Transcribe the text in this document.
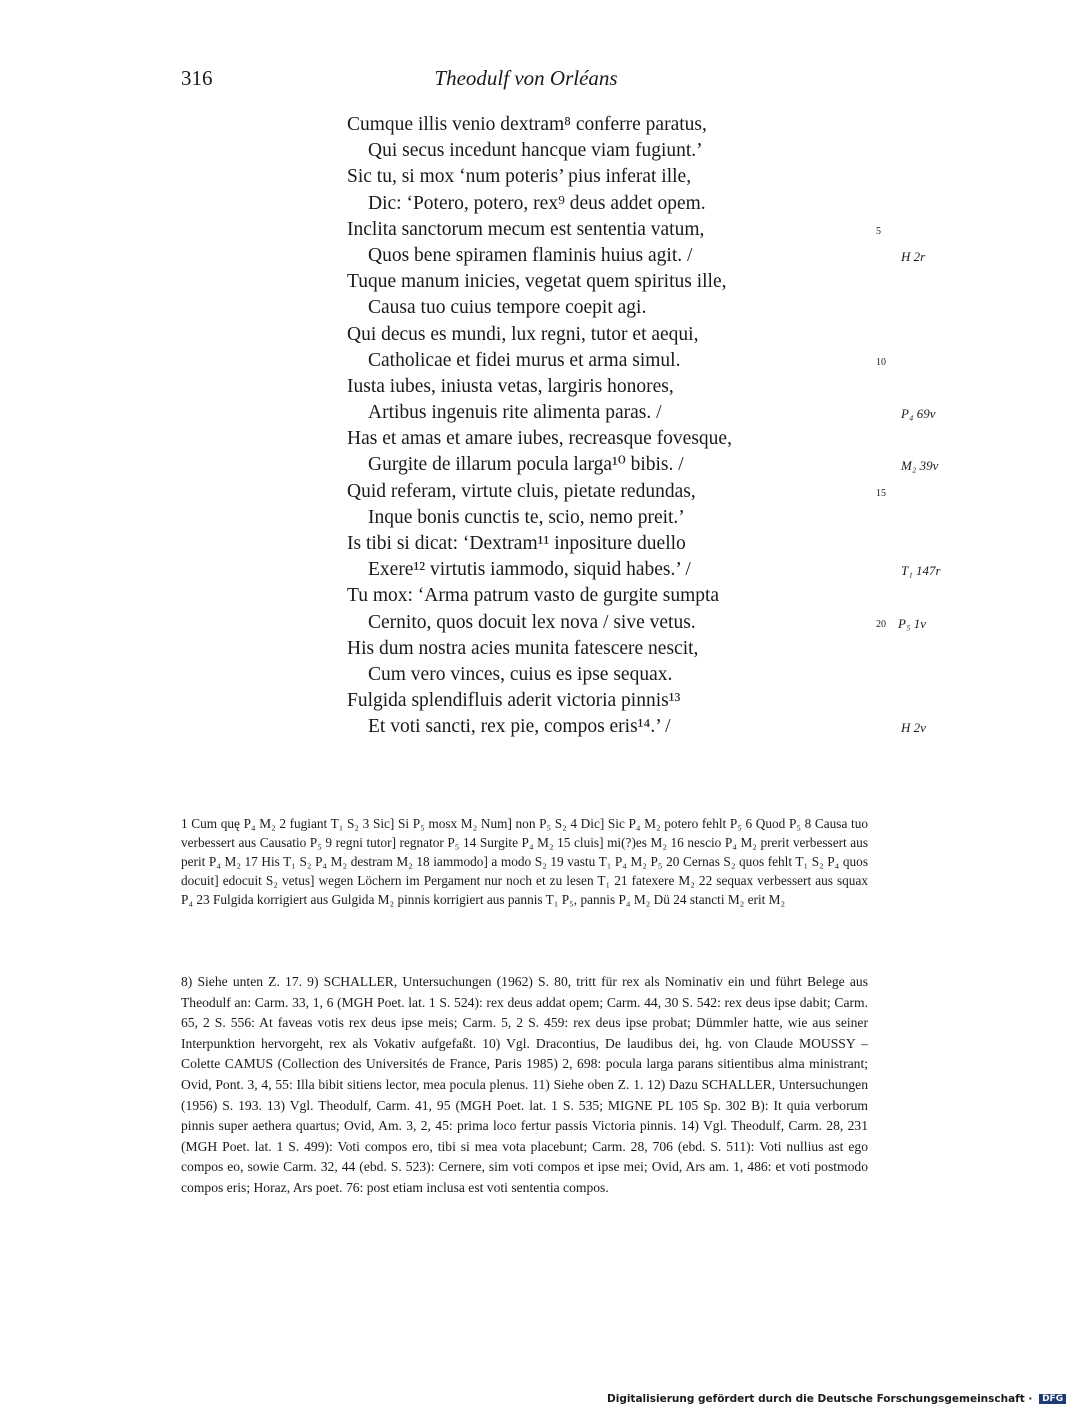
316	Theodulf von Orléans
Cumque illis venio dextram⁸ conferre paratus,
Qui secus incedunt hancque viam fugiunt.’
Sic tu, si mox ‘num poteris’ pius inferat ille,
Dic: ‘Potero, potero, rex⁹ deus addet opem.
Inclita sanctorum mecum est sententia vatum,	5
Quos bene spiramen flaminis huius agit. /	H 2r
Tuque manum inicies, vegetat quem spiritus ille,
Causa tuo cuius tempore coepit agi.
Qui decus es mundi, lux regni, tutor et aequi,
Catholicae et fidei murus et arma simul.	10
Iusta iubes, iniusta vetas, largiris honores,
Artibus ingenuis rite alimenta paras. /	P₄ 69v
Has et amas et amare iubes, recreasque fovesque,
Gurgite de illarum pocula larga¹⁰ bibis. /	M₂ 39v
Quid referam, virtute cluis, pietate redundas,	15
Inque bonis cunctis te, scio, nemo preit.’
Is tibi si dicat: ‘Dextram¹¹ inpositure duello
Exere¹² virtutis iammodo, siquid habes.’ /	T₁ 147r
Tu mox: ‘Arma patrum vasto de gurgite sumpta
Cernito, quos docuit lex nova / sive vetus.	20 P₅ 1v
His dum nostra acies munita fatescere nescit,
Cum vero vinces, cuius es ipse sequax.
Fulgida splendifluis aderit victoria pinnis¹³
Et voti sancti, rex pie, compos eris¹⁴.’ /	H 2v
1 Cum quę P₄ M₂ 2 fugiant T₁ S₂ 3 Sic] Si P₅ mosx M₂ Num] non P₅ S₂ 4 Dic] Sic P₄ M₂ potero fehlt P₅ 6 Quod P₅ 8 Causa tuo verbessert aus Causatio P₅ 9 regni tutor] regnator P₅ 14 Surgite P₄ M₂ 15 cluis] mi(?)es M₂ 16 nescio P₄ M₂ prerit verbessert aus perit P₄ M₂ 17 His T₁ S₂ P₄ M₂ destram M₂ 18 iammodo] a modo S₂ 19 vastu T₁ P₄ M₂ P₅ 20 Cernas S₂ quos fehlt T₁ S₂ P₄ quos docuit] edocuit S₂ vetus] wegen Löchern im Pergament nur noch et zu lesen T₁ 21 fatexere M₂ 22 sequax verbessert aus squax P₄ 23 Fulgida korrigiert aus Gulgida M₂ pinnis korrigiert aus pannis T₁ P₅, pannis P₄ M₂ Dü 24 stancti M₂ erit M₂
8) Siehe unten Z. 17. 9) SCHALLER, Untersuchungen (1962) S. 80, tritt für rex als Nominativ ein und führt Belege aus Theodulf an: Carm. 33, 1, 6 (MGH Poet. lat. 1 S. 524): rex deus addat opem; Carm. 44, 30 S. 542: rex deus ipse dabit; Carm. 65, 2 S. 556: At faveas votis rex deus ipse meis; Carm. 5, 2 S. 459: rex deus ipse probat; Dümmler hatte, wie aus seiner Interpunktion hervorgeht, rex als Vokativ aufgefaßt. 10) Vgl. Dracontius, De laudibus dei, hg. von Claude MOUSSY – Colette CAMUS (Collection des Universités de France, Paris 1985) 2, 698: pocula larga parans sitientibus alma ministrant; Ovid, Pont. 3, 4, 55: Illa bibit sitiens lector, mea pocula plenus. 11) Siehe oben Z. 1. 12) Dazu SCHALLER, Untersuchungen (1956) S. 193. 13) Vgl. Theodulf, Carm. 41, 95 (MGH Poet. lat. 1 S. 535; MIGNE PL 105 Sp. 302 B): It quia verborum pinnis super aethera quartus; Ovid, Am. 3, 2, 45: prima loco fertur passis Victoria pinnis. 14) Vgl. Theodulf, Carm. 28, 231 (MGH Poet. lat. 1 S. 499): Voti compos ero, tibi si mea vota placebunt; Carm. 28, 706 (ebd. S. 511): Voti nullius ast ego compos eo, sowie Carm. 32, 44 (ebd. S. 523): Cernere, sim voti compos et ipse mei; Ovid, Ars am. 1, 486: et voti postmodo compos eris; Horaz, Ars poet. 76: post etiam inclusa est voti sententia compos.
Digitalisierung gefördert durch die Deutsche Forschungsgemeinschaft · DFG
